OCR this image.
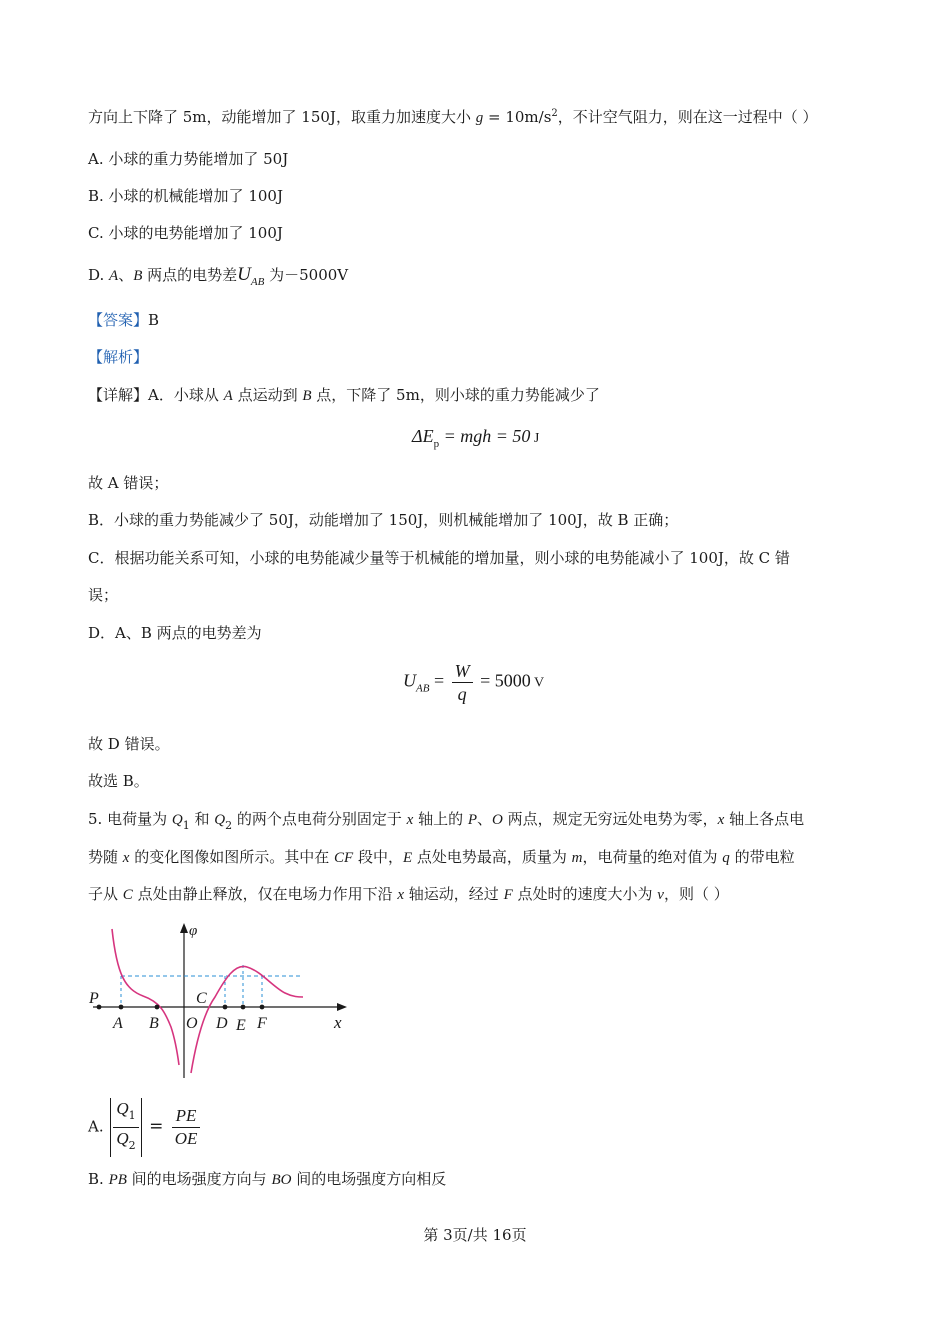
方向上下降了 5m，动能增加了 150J，取重力加速度大小 $g = 10m/s^2$，不计空气阻力，则在这一过程中（ ）
A. 小球的重力势能增加了 50J
B. 小球的机械能增加了 100J
C. 小球的电势能增加了 100J
D. A、B 两点的电势差$U_{AB}$ 为－5000V
【答案】B
【解析】
【详解】A．小球从 A 点运动到 B 点，下降了 5m，则小球的重力势能减少了
$\Delta E_p$ = mgh = 50 J
故 A 错误；
B．小球的重力势能减少了 50J，动能增加了 150J，则机械能增加了 100J，故 B 正确；
C．根据功能关系可知，小球的电势能减少量等于机械能的增加量，则小球的电势能减小了 100J，故 C 错
误；
D．A、B 两点的电势差为
$U_{AB} = \frac{W}{q} = 5000$ V
故 D 错误。
故选 B。
5. 电荷量为 $Q_1$ 和 $Q_2$ 的两个点电荷分别固定于 x 轴上的 P、O 两点，规定无穷远处电势为零，x 轴上各点电
势随 x 的变化图像如图所示。其中在 CF 段中，E 点处电势最高，质量为 m，电荷量的绝对值为 q 的带电粒
子从 C 点处由静止释放，仅在电场力作用下沿 x 轴运动，经过 F 点处时的速度大小为 v，则（ ）
φ
x
P
A B O
C
D E F
A. $\frac{Q_1}{Q_2} = \frac{PE}{OE}$
B. PB 间的电场强度方向与 BO 间的电场强度方向相反
第 3页/共 16页
